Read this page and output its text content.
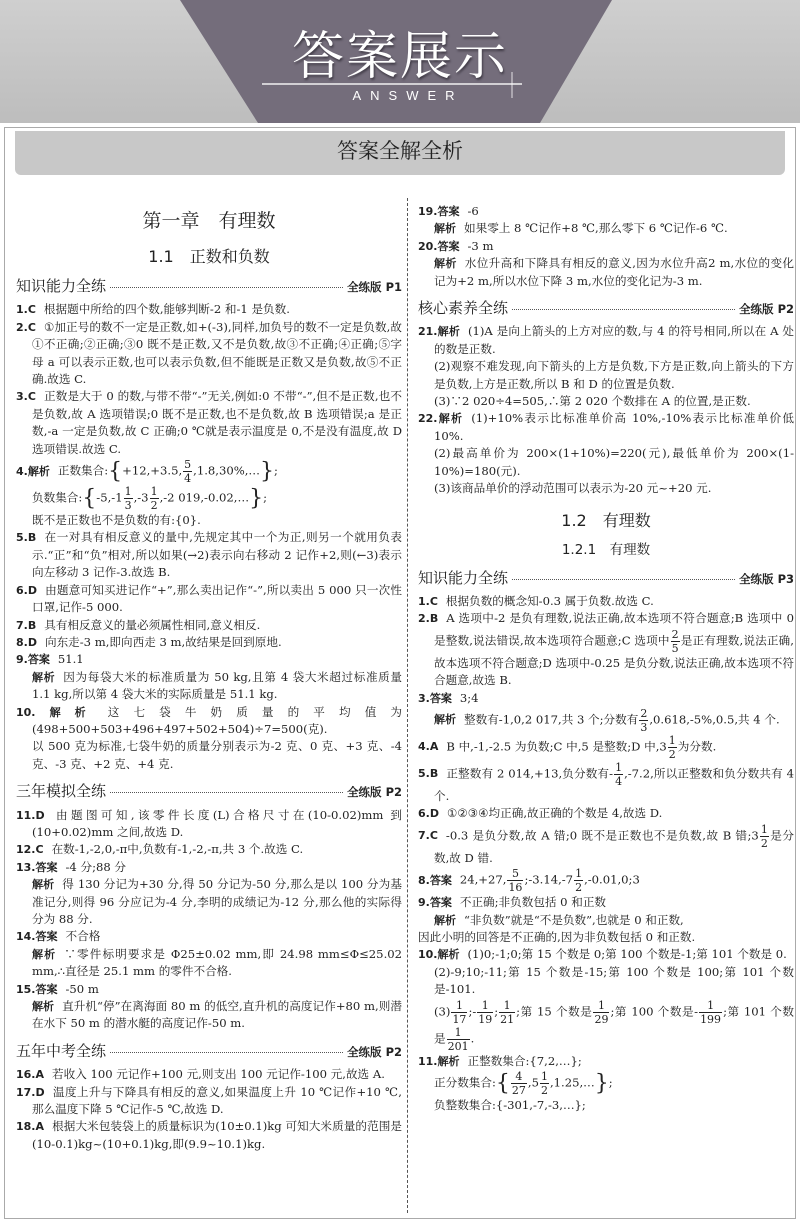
答案展示
ANSWER
答案全解全析
第一章　有理数
1.1　正数和负数
知识能力全练	全练版 P1
1.C 根据题中所给的四个数,能够判断-2 和-1 是负数.
2.C ①加正号的数不一定是正数,如+(-3),同样,加负号的数不一定是负数,故①不正确;②正确;③0 既不是正数,又不是负数,故③不正确;④正确;⑤字母 a 可以表示正数,也可以表示负数,但不能既是正数又是负数,故⑤不正确.故选 C.
3.C 正数是大于 0 的数,与带不带“-”无关,例如:0 不带“-”,但不是正数,也不是负数,故 A 选项错误;0 既不是正数,也不是负数,故 B 选项错误;a 是正数,-a 一定是负数,故 C 正确;0 ℃就是表示温度是 0,不是没有温度,故 D 选项错误.故选 C.
4.解析 正数集合:{+12,+3.5, $\frac{5}{4}$ ,1.8,30%,…};
负数集合:{-5,-1 $\frac{1}{3} ,-3 \frac{1}{2} ,-2$ 019,-0.02,…};
既不是正数也不是负数的有:{0}.
5.B 在一对具有相反意义的量中,先规定其中一个为正,则另一个就用负表示.“正”和“负”相对,所以如果(→2)表示向右移动 2 记作+2,则(←3)表示向左移动 3 记作-3.故选 B.
6.D 由题意可知买进记作“+”,那么卖出记作“-”,所以卖出 5 000 只一次性口罩,记作-5 000.
7.B 具有相反意义的量必须属性相同,意义相反.
8.D 向东走-3 m,即向西走 3 m,故结果是回到原地.
9.答案 51.1
解析 因为每袋大米的标准质量为 50 kg,且第 4 袋大米超过标准质量 1.1 kg,所以第 4 袋大米的实际质量是 51.1 kg.
10.解析 这七袋牛奶质量的平均值为(498+500+503+496+497+502+504)÷7=500(克).
以 500 克为标准,七袋牛奶的质量分别表示为-2 克、0 克、+3 克、-4 克、-3 克、+2 克、+4 克.
三年模拟全练	全练版 P2
11.D 由题图可知,该零件长度(L)合格尺寸在(10-0.02)mm 到(10+0.02)mm 之间,故选 D.
12.C 在数-1,-2,0,-π中,负数有-1,-2,-π,共 3 个.故选 C.
13.答案 -4 分;88 分
解析 得 130 分记为+30 分,得 50 分记为-50 分,那么是以 100 分为基准记分,则得 96 分应记为-4 分,李明的成绩记为-12 分,那么他的实际得分为 88 分.
14.答案 不合格
解析 ∵零件标明要求是 Φ25±0.02 mm,即 24.98 mm≤Φ≤25.02 mm,∴直径是 25.1 mm 的零件不合格.
15.答案 -50 m
解析 直升机“停”在离海面 80 m 的低空,直升机的高度记作+80 m,则潜在水下 50 m 的潜水艇的高度记作-50 m.
五年中考全练	全练版 P2
16.A 若收入 100 元记作+100 元,则支出 100 元记作-100 元,故选 A.
17.D 温度上升与下降具有相反的意义,如果温度上升 10 ℃记作+10 ℃,那么温度下降 5 ℃记作-5 ℃,故选 D.
18.A 根据大米包装袋上的质量标识为(10±0.1)kg 可知大米质量的范围是(10-0.1)kg~(10+0.1)kg,即(9.9~10.1)kg.
19.答案 -6
解析 如果零上 8 ℃记作+8 ℃,那么零下 6 ℃记作-6 ℃.
20.答案 -3 m
解析 水位升高和下降具有相反的意义,因为水位升高2 m,水位的变化记为+2 m,所以水位下降 3 m,水位的变化记为-3 m.
核心素养全练	全练版 P2
21.解析 (1)A 是向上箭头的上方对应的数,与 4 的符号相同,所以在 A 处的数是正数.
(2)观察不难发现,向下箭头的上方是负数,下方是正数,向上箭头的下方是负数,上方是正数,所以 B 和 D 的位置是负数.
(3)∵2 020÷4=505,∴第 2 020 个数排在 A 的位置,是正数.
22.解析 (1)+10%表示比标准单价高 10%,-10%表示比标准单价低 10%.
(2)最高单价为 200×(1+10%)=220(元),最低单价为 200×(1-10%)=180(元).
(3)该商品单价的浮动范围可以表示为-20 元~+20 元.
1.2　有理数
1.2.1　有理数
知识能力全练	全练版 P3
1.C 根据负数的概念知-0.3 属于负数.故选 C.
2.B A 选项中-2 是负有理数,说法正确,故本选项不符合题意;B 选项中 0 是整数,说法错误,故本选项符合题意;C 选项中 $\frac{2}{5}$ 是正有理数,说法正确,故本选项不符合题意;D 选项中-0.25 是负分数,说法正确,故本选项不符合题意,故选 B.
3.答案 3;4
解析 整数有-1,0,2 017,共 3 个;分数有 $\frac{2}{3} ,0.618,-5\%,0.5$,共 4 个.
4.A B 中,-1,-2.5 为负数;C 中,5 是整数;D 中$,3 \frac{1}{2}$ 为分数.
5.B 正整数有 2 014,+13,负分数有- $\frac{1}{4} ,-7.2$,所以正整数和负分数共有 4 个.
6.D ①②③④均正确,故正确的个数是 4,故选 D.
7.C -0.3 是负分数,故 A 错;0 既不是正数也不是负数,故 B 错;3 $\frac{1}{2}$ 是分数,故 D 错.
8.答案 24,+27, $\frac{5}{16}$ ;-3.14,-7 $\frac{1}{2}$ ,-0.01,0;3
9.答案 不正确;非负数包括 0 和正数
解析 “非负数”就是“不是负数”,也就是 0 和正数,
因此小明的回答是不正确的,因为非负数包括 0 和正数.
10.解析 (1)0;-1;0;第 15 个数是 0;第 100 个数是-1;第 101 个数是 0.
(2)-9;10;-11;第 15 个数是-15;第 100 个数是 100;第 101 个数是-101.
$(3) \frac{1}{17}$ ;- $\frac{1}{19}$ ; $\frac{1}{21}$ ;第 15 个数是 $\frac{1}{29}$ ;第 100 个数是- $\frac{1}{199}$ ;第 101 个数是 $\frac{1}{201}$ .
11.解析 正整数集合:{7,2,…};
正分数集合:{ $\frac{4}{27} ,5 \frac{1}{2}$ ,1.25,…};
负整数集合:{-301,-7,-3,…};
